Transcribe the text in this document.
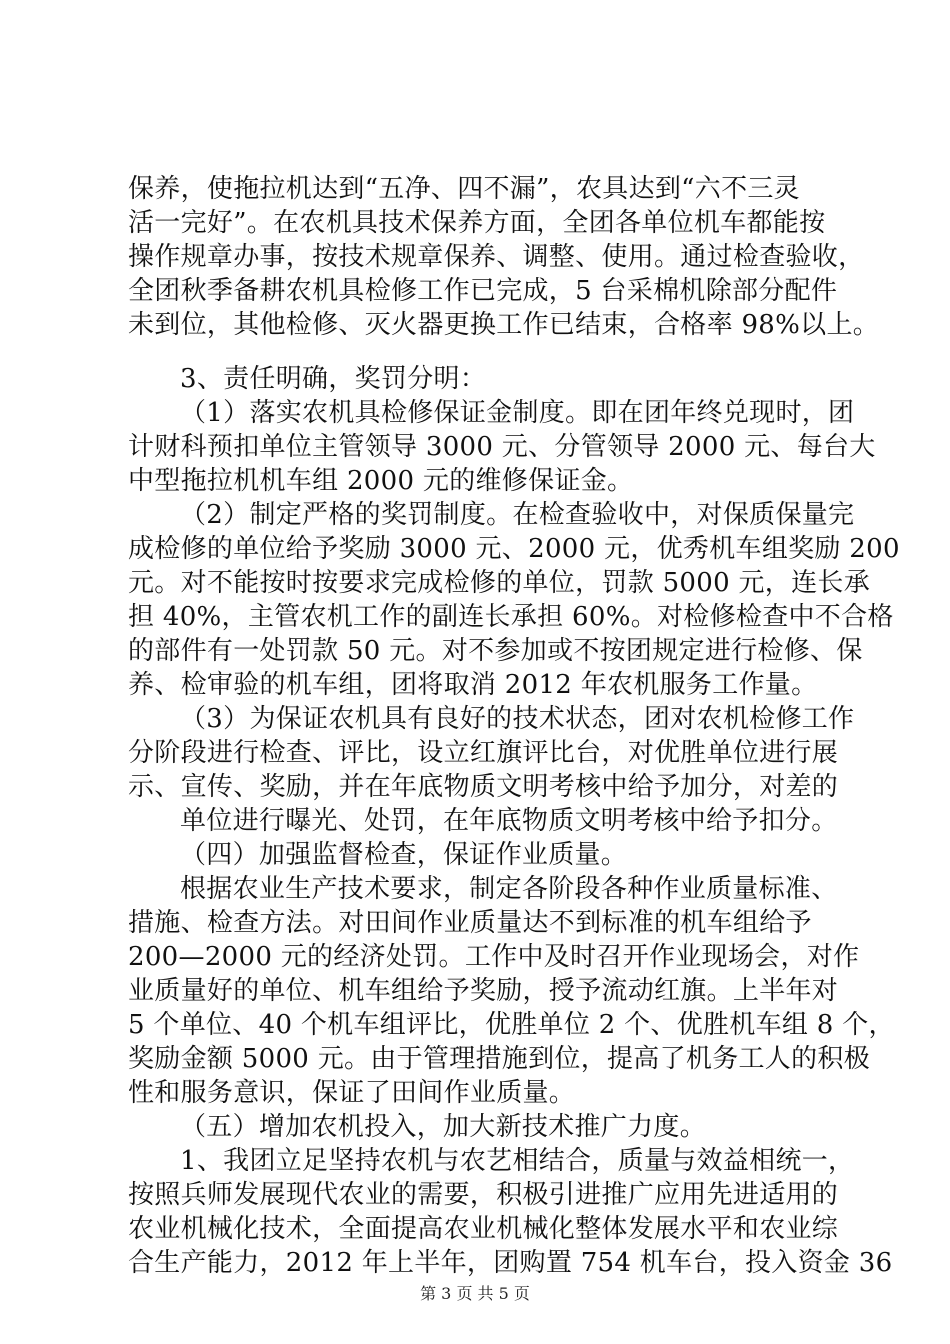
保养，使拖拉机达到“五净、四不漏”，农具达到“六不三灵
活一完好”。在农机具技术保养方面，全团各单位机车都能按
操作规章办事，按技术规章保养、调整、使用。通过检查验收，
全团秋季备耕农机具检修工作已完成，5 台采棉机除部分配件
未到位，其他检修、灭火器更换工作已结束，合格率 98%以上。
3、责任明确，奖罚分明：
（1）落实农机具检修保证金制度。即在团年终兑现时，团
计财科预扣单位主管领导 3000 元、分管领导 2000 元、每台大
中型拖拉机机车组 2000 元的维修保证金。
（2）制定严格的奖罚制度。在检查验收中，对保质保量完
成检修的单位给予奖励 3000 元、2000 元，优秀机车组奖励 200
元。对不能按时按要求完成检修的单位，罚款 5000 元，连长承
担 40%，主管农机工作的副连长承担 60%。对检修检查中不合格
的部件有一处罚款 50 元。对不参加或不按团规定进行检修、保
养、检审验的机车组，团将取消 2012 年农机服务工作量。
（3）为保证农机具有良好的技术状态，团对农机检修工作
分阶段进行检查、评比，设立红旗评比台，对优胜单位进行展
示、宣传、奖励，并在年底物质文明考核中给予加分，对差的
单位进行曝光、处罚，在年底物质文明考核中给予扣分。
（四）加强监督检查，保证作业质量。
根据农业生产技术要求，制定各阶段各种作业质量标准、
措施、检查方法。对田间作业质量达不到标准的机车组给予
200—2000 元的经济处罚。工作中及时召开作业现场会，对作
业质量好的单位、机车组给予奖励，授予流动红旗。上半年对
5 个单位、40 个机车组评比，优胜单位 2 个、优胜机车组 8 个，
奖励金额 5000 元。由于管理措施到位，提高了机务工人的积极
性和服务意识，保证了田间作业质量。
（五）增加农机投入，加大新技术推广力度。
1、我团立足坚持农机与农艺相结合，质量与效益相统一，
按照兵师发展现代农业的需要，积极引进推广应用先进适用的
农业机械化技术，全面提高农业机械化整体发展水平和农业综
合生产能力，2012 年上半年，团购置 754 机车台，投入资金 36
第 3 页 共 5 页
